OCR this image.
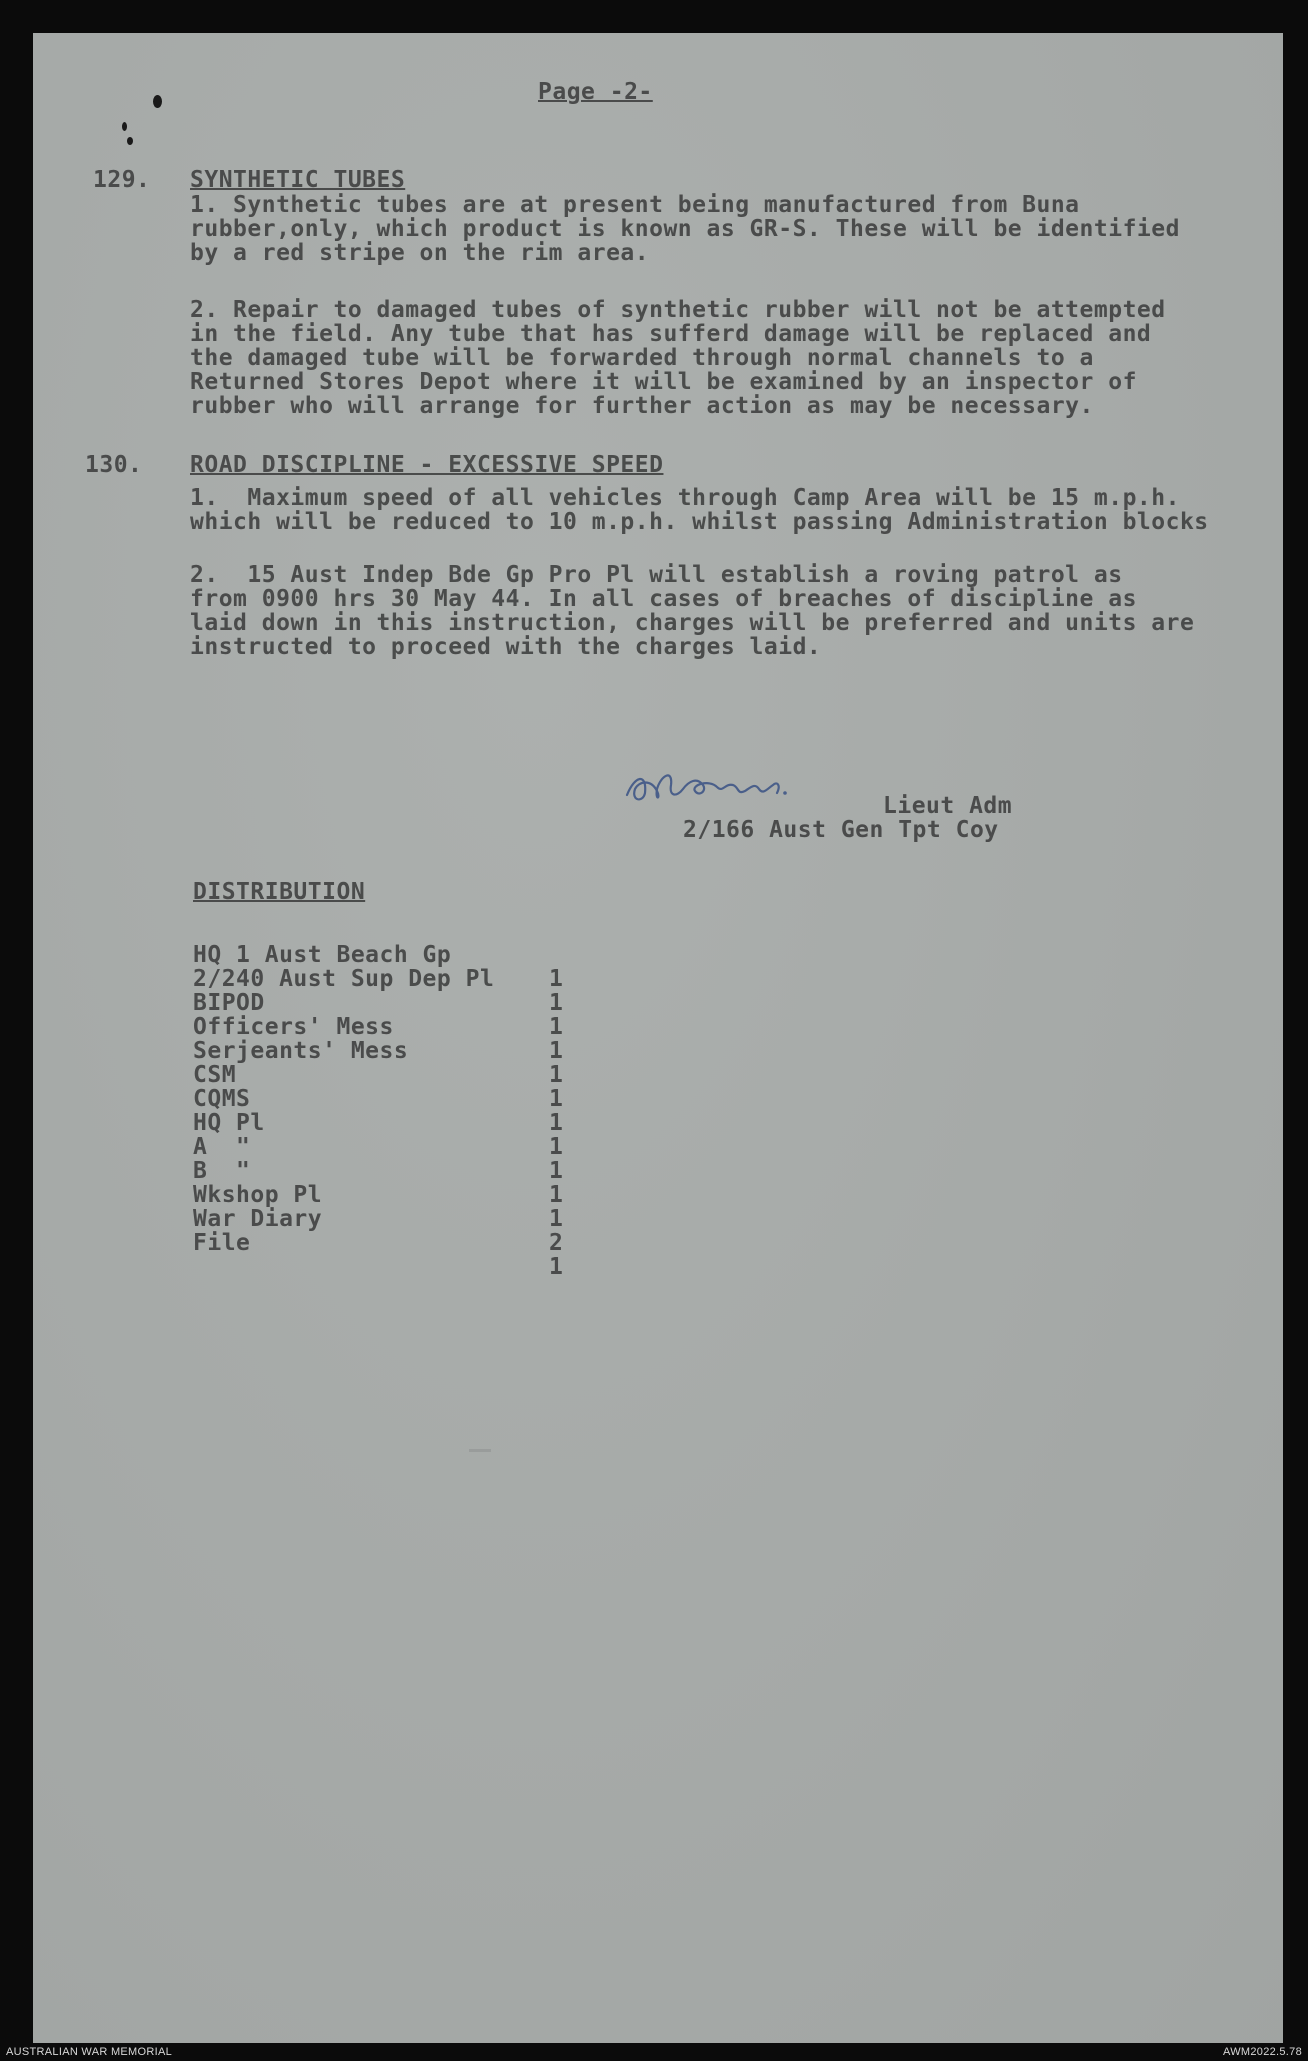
Page -2-
129. SYNTHETIC TUBES
1. Synthetic tubes are at present being manufactured from Buna
rubber,only, which product is known as GR-S. These will be identified
by a red stripe on the rim area.
2. Repair to damaged tubes of synthetic rubber will not be attempted
in the field. Any tube that has sufferd damage will be replaced and
the damaged tube will be forwarded through normal channels to a
Returned Stores Depot where it will be examined by an inspector of
rubber who will arrange for further action as may be necessary.
130. ROAD DISCIPLINE - EXCESSIVE SPEED
1.  Maximum speed of all vehicles through Camp Area will be 15 m.p.h.
which will be reduced to 10 m.p.h. whilst passing Administration blocks
2.  15 Aust Indep Bde Gp Pro Pl will establish a roving patrol as
from 0900 hrs 30 May 44. In all cases of breaches of discipline as
laid down in this instruction, charges will be preferred and units are
instructed to proceed with the charges laid.
Lieut Adm
2/166 Aust Gen Tpt Coy
DISTRIBUTION

HQ 1 Aust Beach Gp

1

2/240 Aust Sup Dep Pl

1

BIPOD

1

Officers' Mess

1

Serjeants' Mess

1

CSM

1

CQMS

1

HQ Pl

1

A  "

1

B  "

1

Wkshop Pl

1

War Diary

2

File

1

AUSTRALIAN WAR MEMORIAL	AWM2022.5.78
